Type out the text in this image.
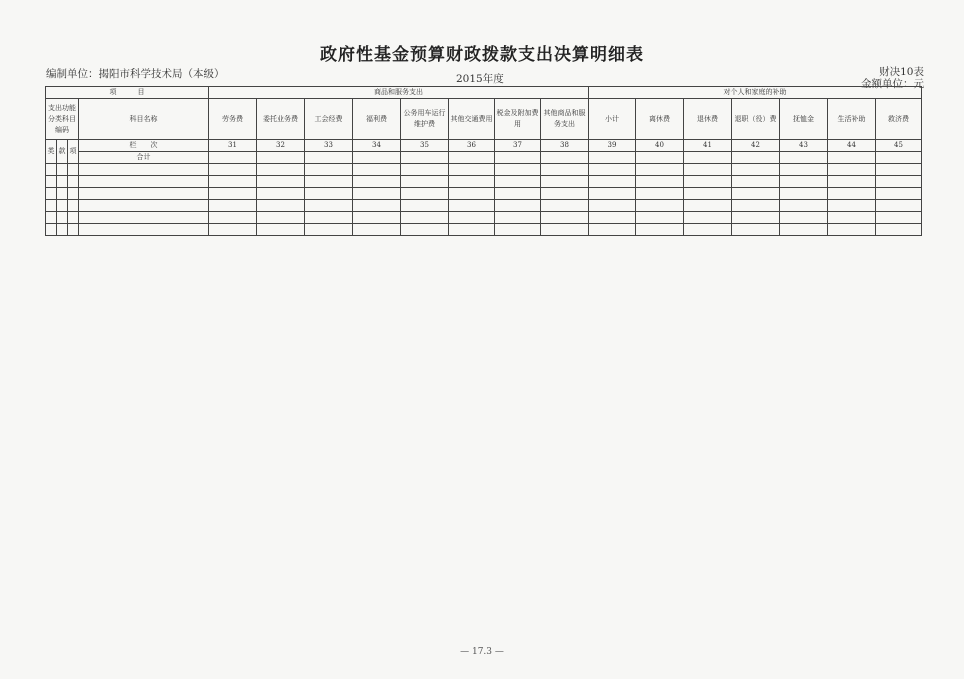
政府性基金预算财政拨款支出决算明细表
编制单位：揭阳市科学技术局（本级）	2015年度
财决10表
金额单位：元
项　　　目				商品和服务支出								对个人和家庭的补助						
支出功能分类科目编码			科目名称	劳务费	委托业务费	工会经费	福利费	公务用车运行维护费	其他交通费用	税金及附加费用	其他商品和服务支出	小计	离休费	退休费	退职（役）费	抚恤金	生活补助	救济费
类	款	项	栏　　次	31	32	33	34	35	36	37	38	39	40	41	42	43	44	45
			合计															

— 17.3 —
